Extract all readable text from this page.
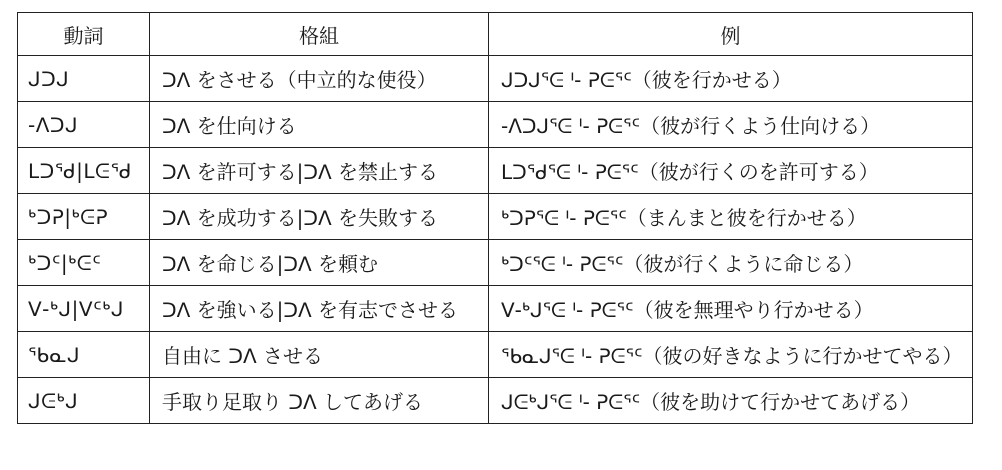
動詞	格組	例
ᒍᑐᒍ	ᑐᐱ をさせる（中立的な使役）	ᒍᑐᒍᕐᕮ ᑊ- ᕈᕮᕐᑦ（彼を行かせる）
-ᐱᑐᒍ	ᑐᐱ を仕向ける	-ᐱᑐᒍᕐᕮ ᑊ- ᕈᕮᕐᑦ（彼が行くよう仕向ける）
ᒪᑐᖁ|ᒪᕮᖁ	ᑐᐱ を許可する|ᑐᐱ を禁止する	ᒪᑐᖁᕐᕮ ᑊ- ᕈᕮᕐᑦ（彼が行くのを許可する）
ᒃᑐᕈ|ᒃᕮᕈ	ᑐᐱ を成功する|ᑐᐱ を失敗する	ᒃᑐᕈᕐᕮ ᑊ- ᕈᕮᕐᑦ（まんまと彼を行かせる）
ᒃᑐᑦ|ᒃᕮᑦ	ᑐᐱ を命じる|ᑐᐱ を頼む	ᒃᑐᑦᕐᕮ ᑊ- ᕈᕮᕐᑦ（彼が行くように命じる）
ᐯ-ᒃᒍ|ᐯᑦᒃᒍ	ᑐᐱ を強いる|ᑐᐱ を有志でさせる	ᐯ-ᒃᒍᕐᕮ ᑊ- ᕈᕮᕐᑦ（彼を無理やり行かせる）
ᖃᓇᒍ	自由に ᑐᐱ させる	ᖃᓇᒍᕐᕮ ᑊ- ᕈᕮᕐᑦ（彼の好きなように行かせてやる）
ᒍᕮᒃᒍ	手取り足取り ᑐᐱ してあげる	ᒍᕮᒃᒍᕐᕮ ᑊ- ᕈᕮᕐᑦ（彼を助けて行かせてあげる）
